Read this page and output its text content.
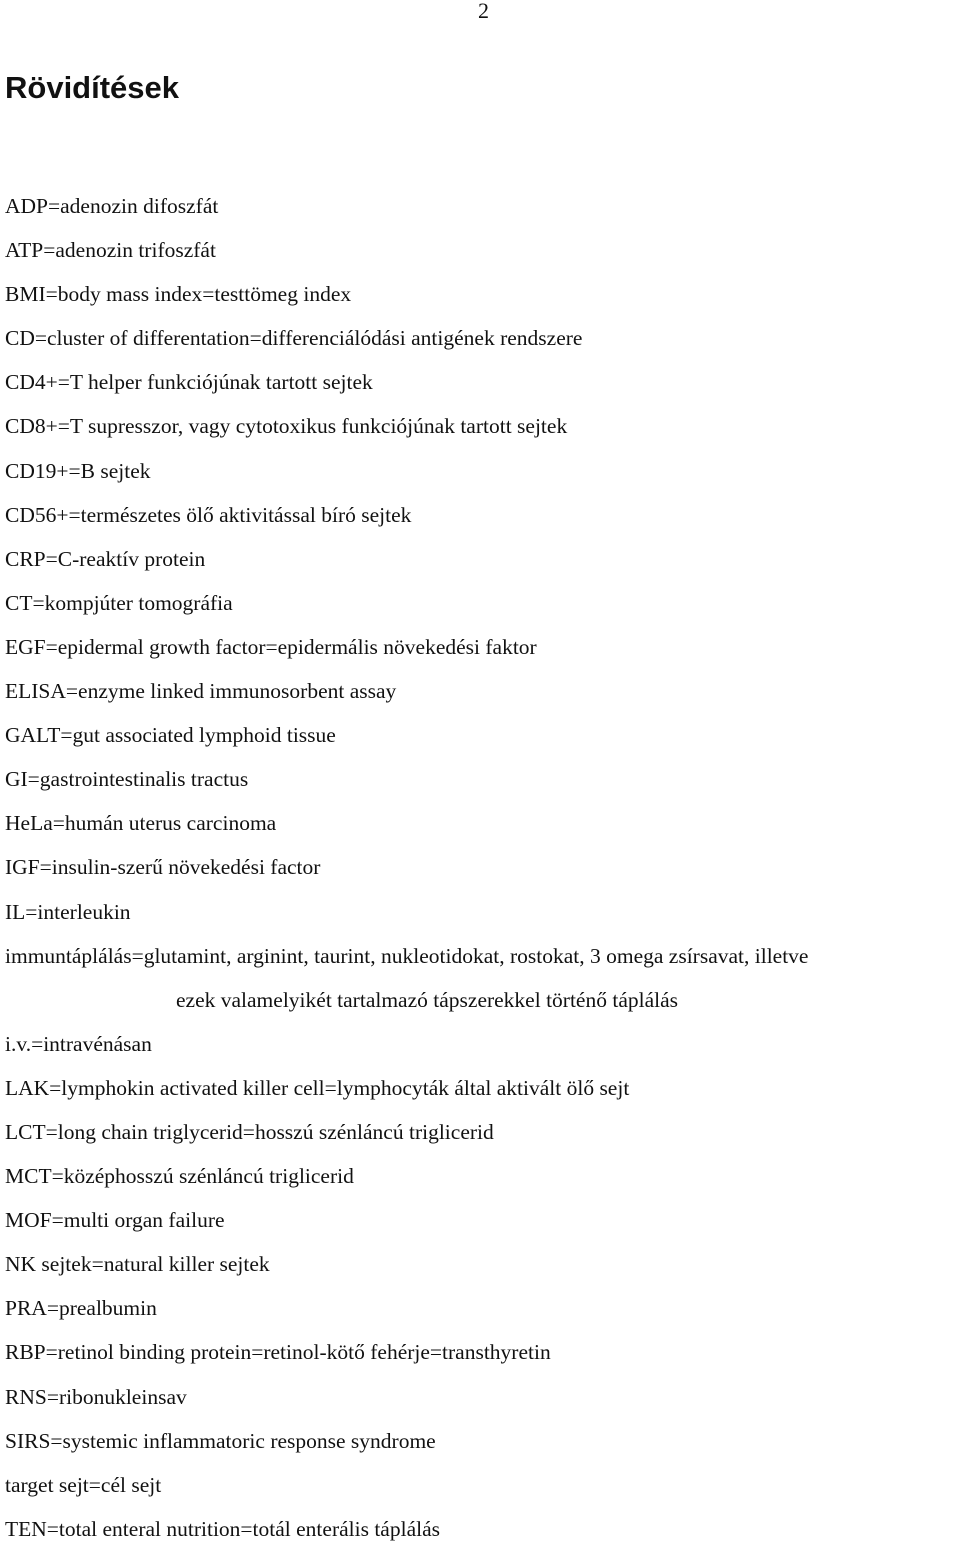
2
Rövidítések
ADP=adenozin difoszfát
ATP=adenozin trifoszfát
BMI=body mass index=testtömeg index
CD=cluster of differentation=differenciálódási antigének rendszere
CD4+=T helper funkciójúnak tartott sejtek
CD8+=T supresszor, vagy cytotoxikus funkciójúnak tartott sejtek
CD19+=B sejtek
CD56+=természetes ölő aktivitással bíró sejtek
CRP=C-reaktív protein
CT=kompjúter tomográfia
EGF=epidermal growth factor=epidermális növekedési faktor
ELISA=enzyme linked immunosorbent assay
GALT=gut associated lymphoid tissue
GI=gastrointestinalis tractus
HeLa=humán uterus carcinoma
IGF=insulin-szerű növekedési factor
IL=interleukin
immuntáplálás=glutamint, arginint, taurint, nukleotidokat, rostokat, 3 omega zsírsavat, illetve
ezek valamelyikét tartalmazó tápszerekkel történő táplálás
i.v.=intravénásan
LAK=lymphokin activated killer cell=lymphocyták által aktivált ölő sejt
LCT=long chain triglycerid=hosszú szénláncú triglicerid
MCT=középhosszú szénláncú triglicerid
MOF=multi organ failure
NK sejtek=natural killer sejtek
PRA=prealbumin
RBP=retinol binding protein=retinol-kötő fehérje=transthyretin
RNS=ribonukleinsav
SIRS=systemic inflammatoric response syndrome
target sejt=cél sejt
TEN=total enteral nutrition=totál enterális táplálás
